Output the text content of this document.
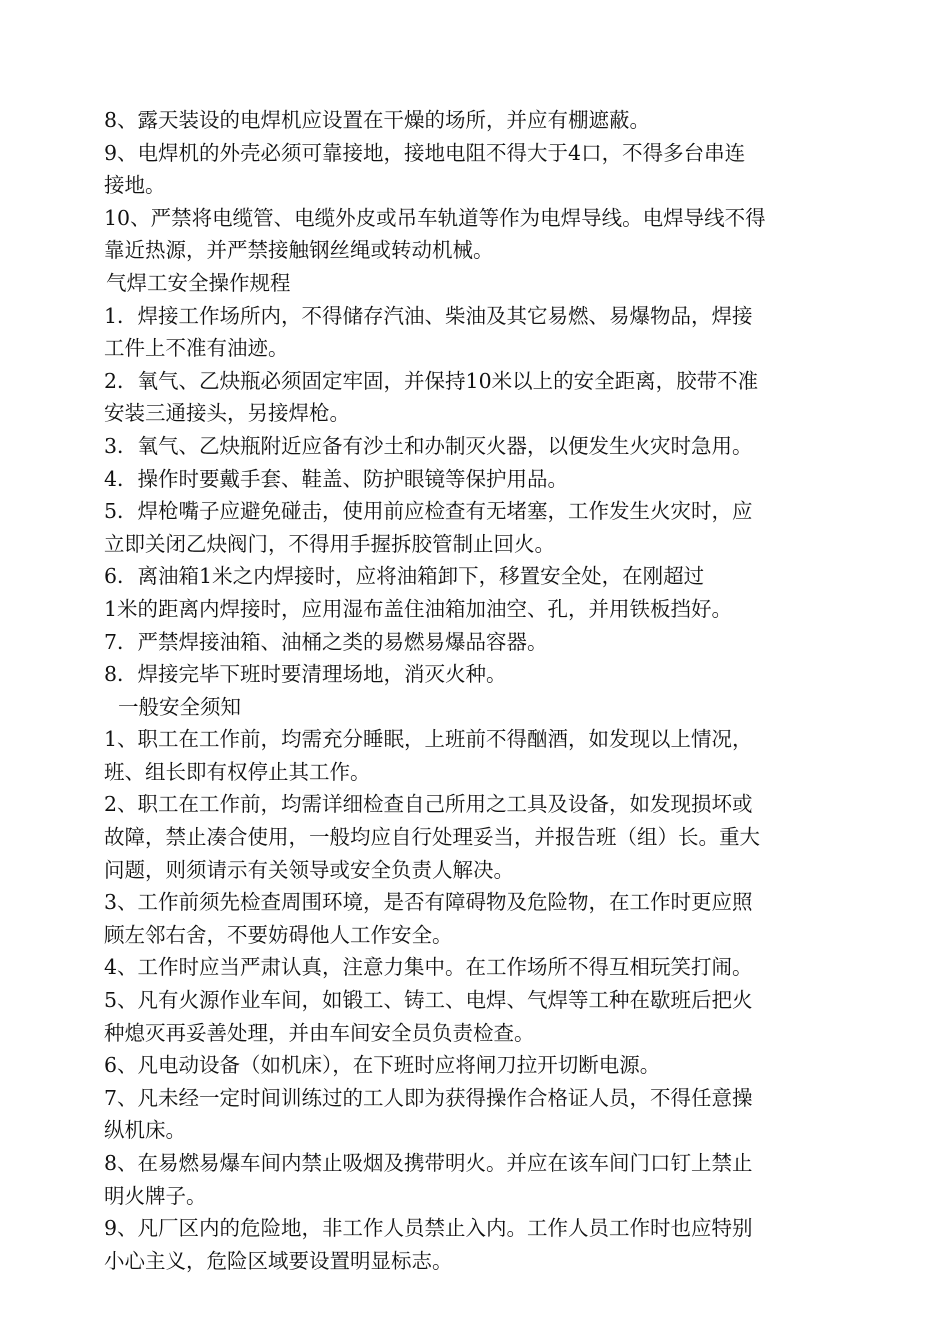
8、露天装设的电焊机应设置在干燥的场所，并应有棚遮蔽。
9、电焊机的外壳必须可靠接地，接地电阻不得大于4口，不得多台串连
接地。
10、严禁将电缆管、电缆外皮或吊车轨道等作为电焊导线。电焊导线不得
靠近热源，并严禁接触钢丝绳或转动机械。
气焊工安全操作规程
1．焊接工作场所内，不得储存汽油、柴油及其它易燃、易爆物品，焊接
工件上不准有油迹。
2．氧气、乙炔瓶必须固定牢固，并保持10米以上的安全距离，胶带不准
安装三通接头，另接焊枪。
3．氧气、乙炔瓶附近应备有沙土和办制灭火器，以便发生火灾时急用。
4．操作时要戴手套、鞋盖、防护眼镜等保护用品。
5．焊枪嘴子应避免碰击，使用前应检查有无堵塞，工作发生火灾时，应
立即关闭乙炔阀门，不得用手握拆胶管制止回火。
6．离油箱1米之内焊接时，应将油箱卸下，移置安全处，在刚超过
1米的距离内焊接时，应用湿布盖住油箱加油空、孔，并用铁板挡好。
7．严禁焊接油箱、油桶之类的易燃易爆品容器。
8．焊接完毕下班时要清理场地，消灭火种。
一般安全须知
1、职工在工作前，均需充分睡眠，上班前不得酗酒，如发现以上情况，
班、组长即有权停止其工作。
2、职工在工作前，均需详细检查自己所用之工具及设备，如发现损坏或
故障，禁止凑合使用，一般均应自行处理妥当，并报告班（组）长。重大
问题，则须请示有关领导或安全负责人解决。
3、工作前须先检查周围环境，是否有障碍物及危险物，在工作时更应照
顾左邻右舍，不要妨碍他人工作安全。
4、工作时应当严肃认真，注意力集中。在工作场所不得互相玩笑打闹。
5、凡有火源作业车间，如锻工、铸工、电焊、气焊等工种在歇班后把火
种熄灭再妥善处理，并由车间安全员负责检查。
6、凡电动设备（如机床），在下班时应将闸刀拉开切断电源。
7、凡未经一定时间训练过的工人即为获得操作合格证人员，不得任意操
纵机床。
8、在易燃易爆车间内禁止吸烟及携带明火。并应在该车间门口钉上禁止
明火牌子。
9、凡厂区内的危险地，非工作人员禁止入内。工作人员工作时也应特别
小心主义，危险区域要设置明显标志。
